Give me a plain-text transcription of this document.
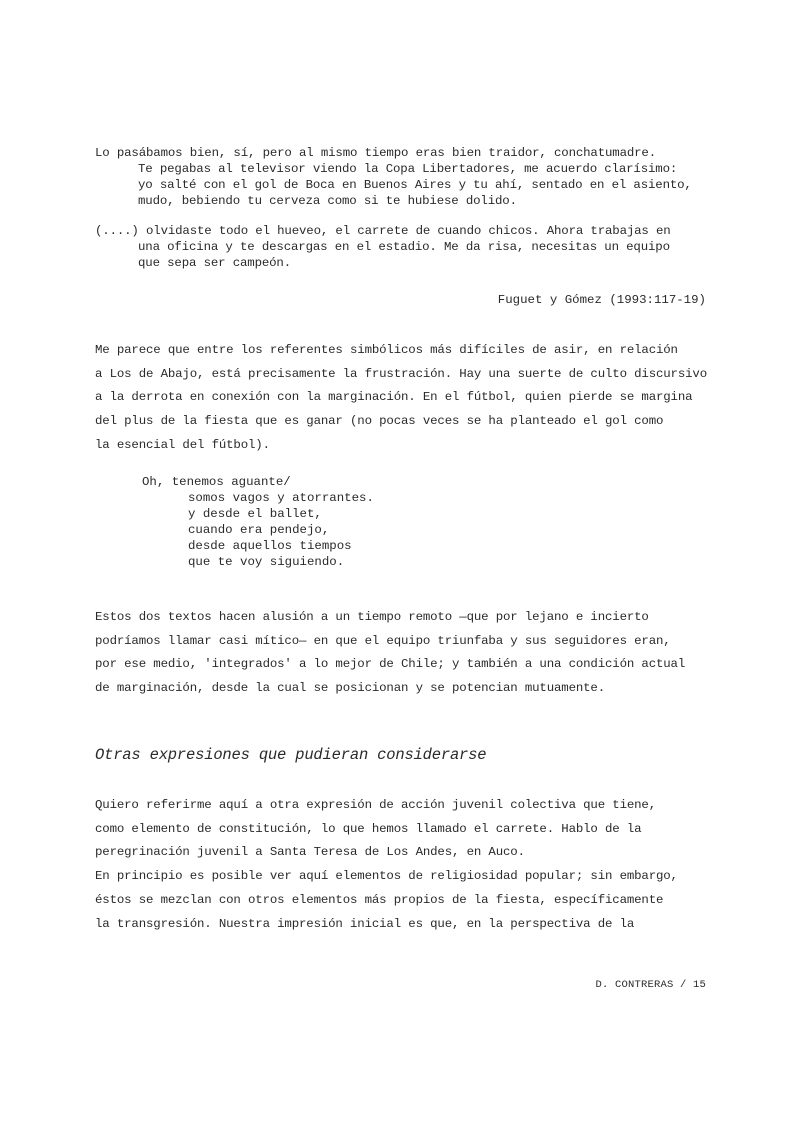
Lo pasábamos bien, sí, pero al mismo tiempo eras bien traidor, conchatumadre.
Te pegabas al televisor viendo la Copa Libertadores, me acuerdo clarísimo:
yo salté con el gol de Boca en Buenos Aires y tu ahí, sentado en el asiento,
mudo, bebiendo tu cerveza como si te hubiese dolido.
(....) olvidaste todo el hueveo, el carrete de cuando chicos. Ahora trabajas en
una oficina y te descargas en el estadio. Me da risa, necesitas un equipo
que sepa ser campeón.
Fuguet y Gómez (1993:117-19)
Me parece que entre los referentes simbólicos más difíciles de asir, en relación
a Los de Abajo, está precisamente la frustración. Hay una suerte de culto discursivo
a la derrota en conexión con la marginación. En el fútbol, quien pierde se margina
del plus de la fiesta que es ganar (no pocas veces se ha planteado el gol como
la esencial del fútbol).
Oh, tenemos aguante/
somos vagos y atorrantes.
y desde el ballet,
cuando era pendejo,
desde aquellos tiempos
que te voy siguiendo.
Estos dos textos hacen alusión a un tiempo remoto —que por lejano e incierto
podríamos llamar casi mítico— en que el equipo triunfaba y sus seguidores eran,
por ese medio, 'integrados' a lo mejor de Chile; y también a una condición actual
de marginación, desde la cual se posicionan y se potencian mutuamente.
Otras expresiones que pudieran considerarse
Quiero referirme aquí a otra expresión de acción juvenil colectiva que tiene,
como elemento de constitución, lo que hemos llamado el carrete. Hablo de la
peregrinación juvenil a Santa Teresa de Los Andes, en Auco.
En principio es posible ver aquí elementos de religiosidad popular; sin embargo,
éstos se mezclan con otros elementos más propios de la fiesta, específicamente
la transgresión. Nuestra impresión inicial es que, en la perspectiva de la
D. CONTRERAS / 15
